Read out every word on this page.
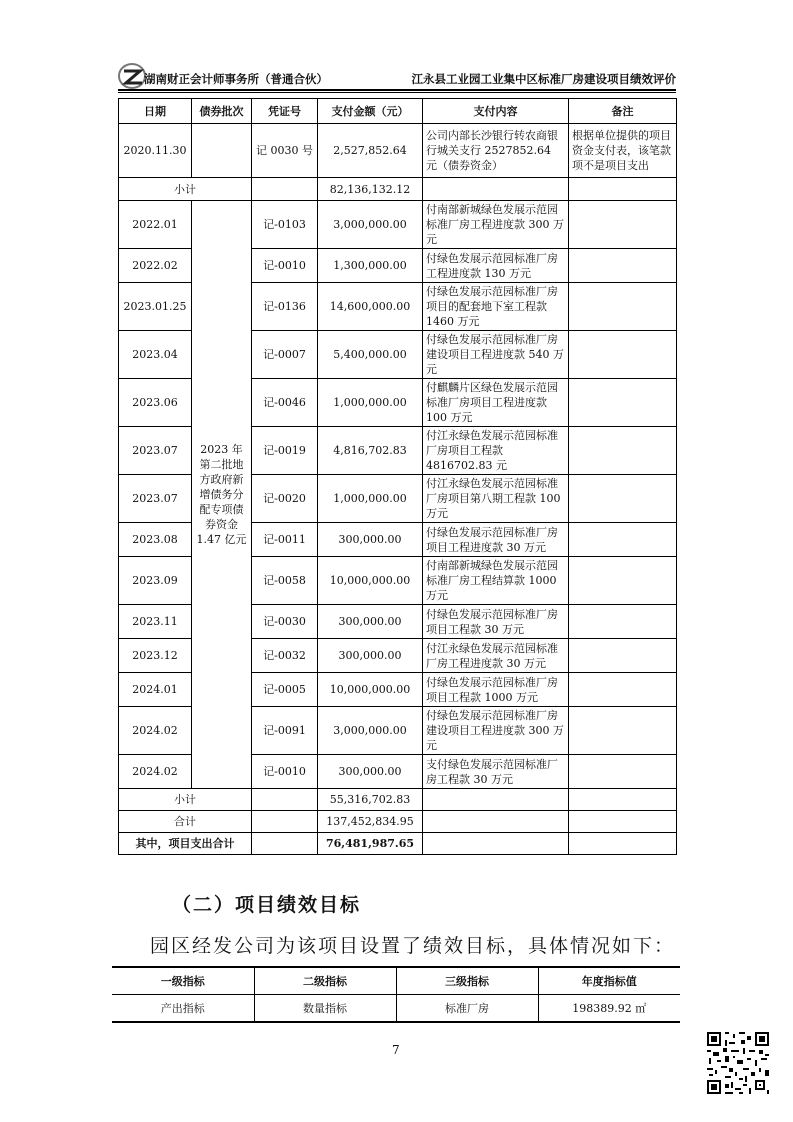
湖南财正会计师事务所（普通合伙）	江永县工业园工业集中区标准厂房建设项目绩效评价
日期	债券批次	凭证号	支付金额（元）	支付内容	备注
2020.11.30		记 0030 号	2,527,852.64	公司内部长沙银行转农商银行城关支行 2527852.64 元（债券资金）	根据单位提供的项目资金支付表，该笔款项不是项目支出
小计			82,136,132.12		
2022.01	2023 年第二批地方政府新增债务分配专项债券资金 1.47 亿元	记-0103	3,000,000.00	付南部新城绿色发展示范园标准厂房工程进度款 300 万元	
2022.02		记-0010	1,300,000.00	付绿色发展示范园标准厂房工程进度款 130 万元	
2023.01.25		记-0136	14,600,000.00	付绿色发展示范园标准厂房项目的配套地下室工程款 1460 万元	
2023.04		记-0007	5,400,000.00	付绿色发展示范园标准厂房建设项目工程进度款 540 万元	
2023.06		记-0046	1,000,000.00	付麒麟片区绿色发展示范园标准厂房项目工程进度款 100 万元	
2023.07		记-0019	4,816,702.83	付江永绿色发展示范园标准厂房项目工程款 4816702.83 元	
2023.07		记-0020	1,000,000.00	付江永绿色发展示范园标准厂房项目第八期工程款 100 万元	
2023.08		记-0011	300,000.00	付绿色发展示范园标准厂房项目工程进度款 30 万元	
2023.09		记-0058	10,000,000.00	付南部新城绿色发展示范园标准厂房工程结算款 1000 万元	
2023.11		记-0030	300,000.00	付绿色发展示范园标准厂房项目工程款 30 万元	
2023.12		记-0032	300,000.00	付江永绿色发展示范园标准厂房工程进度款 30 万元	
2024.01		记-0005	10,000,000.00	付绿色发展示范园标准厂房项目工程款 1000 万元	
2024.02		记-0091	3,000,000.00	付绿色发展示范园标准厂房建设项目工程进度款 300 万元	
2024.02		记-0010	300,000.00	支付绿色发展示范园标准厂房工程款 30 万元	
小计			55,316,702.83		
合计			137,452,834.95		
其中，项目支出合计			76,481,987.65		
（二）项目绩效目标
园区经发公司为该项目设置了绩效目标，具体情况如下：
一级指标	二级指标	三级指标	年度指标值
产出指标	数量指标	标准厂房	198389.92 ㎡
7
